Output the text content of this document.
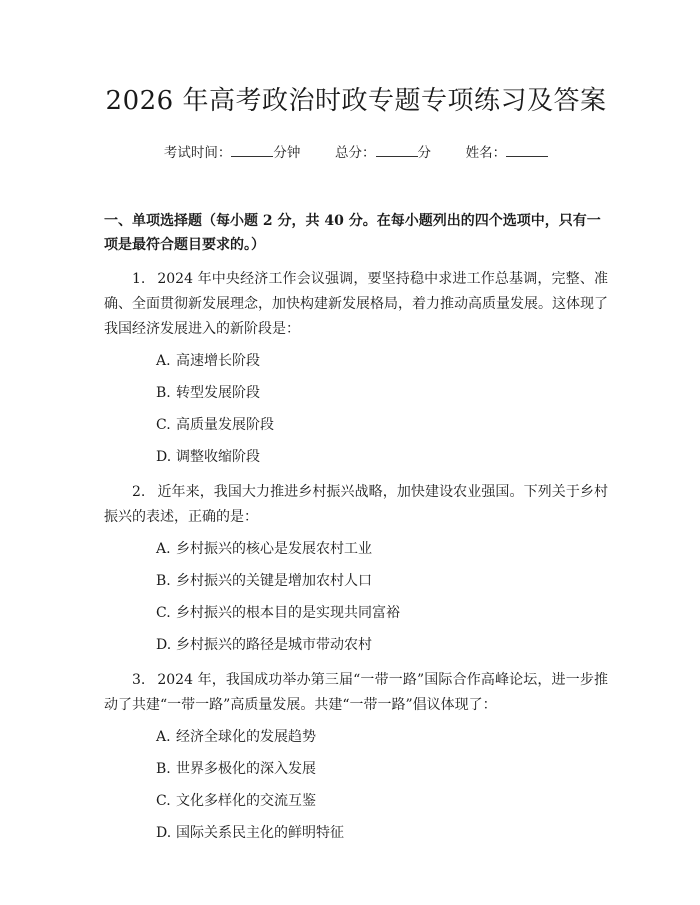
2026 年高考政治时政专题专项练习及答案
考试时间：	分钟	总分：	分	姓名：
一、单项选择题（每小题 2 分，共 40 分。在每小题列出的四个选项中，只有一项是最符合题目要求的。）
1. 2024 年中央经济工作会议强调，要坚持稳中求进工作总基调，完整、准确、全面贯彻新发展理念，加快构建新发展格局，着力推动高质量发展。这体现了我国经济发展进入的新阶段是：
A. 高速增长阶段
B. 转型发展阶段
C. 高质量发展阶段
D. 调整收缩阶段
2. 近年来，我国大力推进乡村振兴战略，加快建设农业强国。下列关于乡村振兴的表述，正确的是：
A. 乡村振兴的核心是发展农村工业
B. 乡村振兴的关键是增加农村人口
C. 乡村振兴的根本目的是实现共同富裕
D. 乡村振兴的路径是城市带动农村
3. 2024 年，我国成功举办第三届“一带一路”国际合作高峰论坛，进一步推动了共建“一带一路”高质量发展。共建“一带一路”倡议体现了：
A. 经济全球化的发展趋势
B. 世界多极化的深入发展
C. 文化多样化的交流互鉴
D. 国际关系民主化的鲜明特征
